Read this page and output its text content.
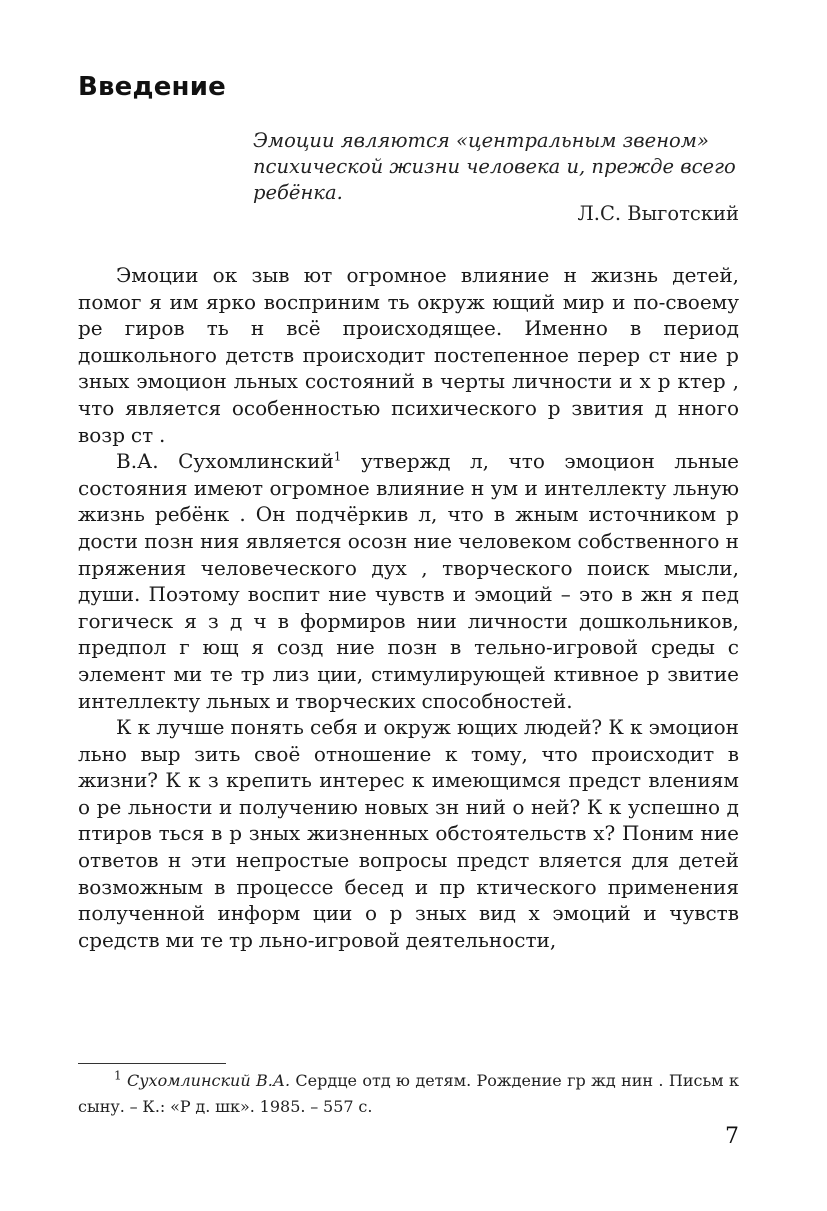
Введение
Эмоции являются «центральным звеном» психической жизни человека и, прежде всего ребёнка.
Л.С. Выготский

Эмоции ок зыв ют огромное влияние н жизнь детей, помог я им ярко восприним ть окруж ющий мир и по-своему ре гиров ть н всё происходящее. Именно в период дошкольного детств происходит постепенное перер ст ние р зных эмоцион льных состояний в черты личности и х р ктер , что является особенностью психического р звития д нного возр ст .

В.А. Сухомлинский$^1$ утвержд л, что эмоцион льные состояния имеют огромное влияние н ум и интеллекту льную жизнь ребёнк . Он подчёркив л, что в жным источником р дости позн ния является осозн ние человеком собственного н пряжения человеческого дух , творческого поиск мысли, души. Поэтому воспит ние чувств и эмоций – это в жн я пед гогическ я з д ч в формиров нии личности дошкольников, предпол г ющ я созд ние позн в тельно-игровой среды с элемент ми те тр лиз ции, стимулирующей ктивное р звитие интеллекту льных и творческих способностей.

К к лучше понять себя и окруж ющих людей? К к эмоцион льно выр зить своё отношение к тому, что происходит в жизни? К к з крепить интерес к имеющимся предст влениям о ре льности и получению новых зн ний о ней? К к успешно д птиров ться в р зных жизненных обстоятельств х? Поним ние ответов н эти непростые вопросы предст вляется для детей возможным в процессе бесед и пр ктического применения полученной информ ции о р зных вид х эмоций и чувств средств ми те тр льно-игровой деятельности,

$^1$ Сухомлинский В.А. Сердце отд ю детям. Рождение гр жд нин . Письм к сыну. – К.: «Р д. шк». 1985. – 557 с.
7
